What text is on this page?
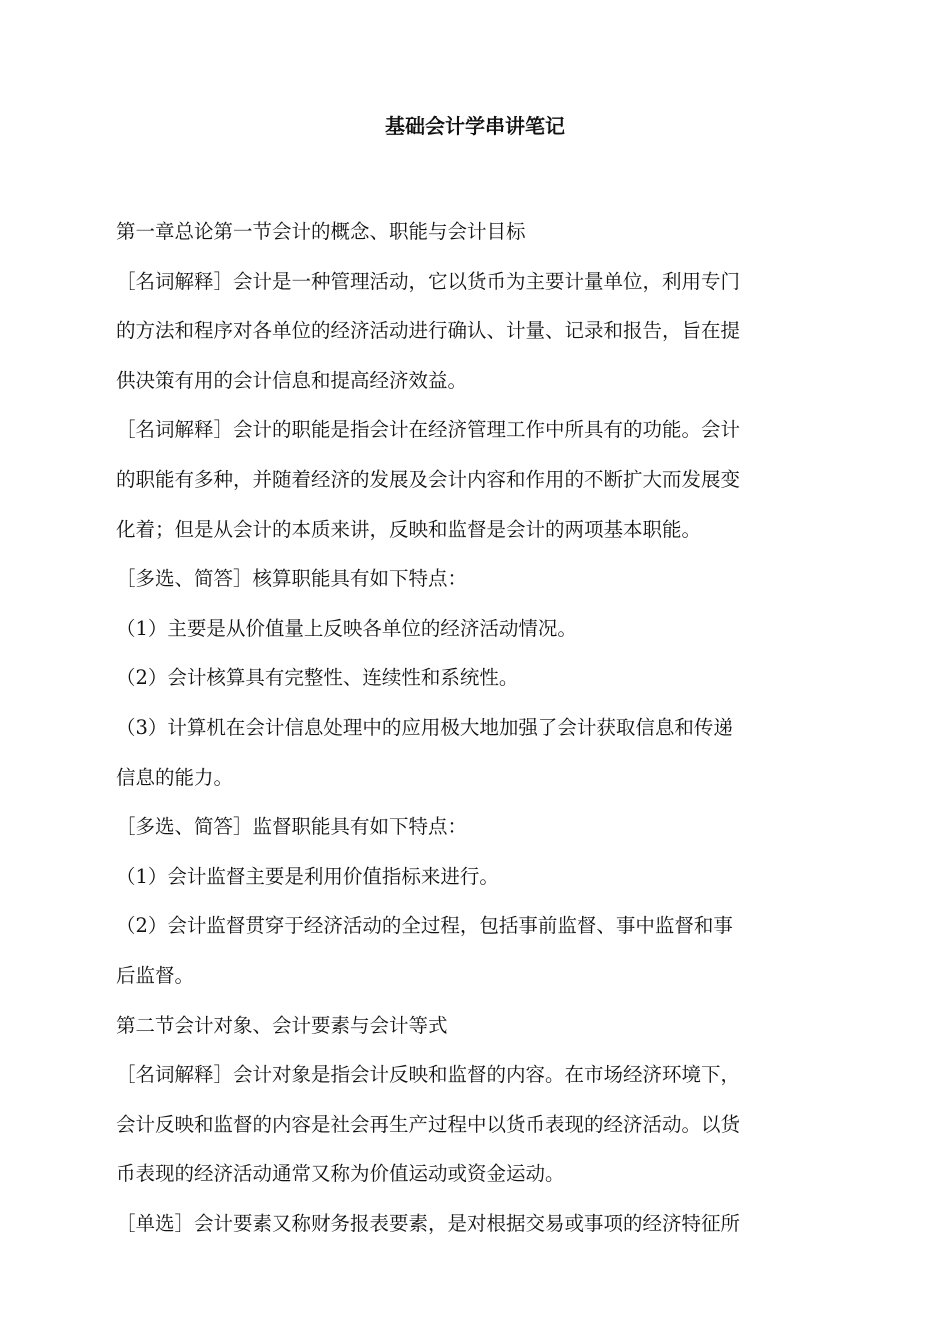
基础会计学串讲笔记

第一章总论第一节会计的概念、职能与会计目标

［名词解释］会计是一种管理活动，它以货币为主要计量单位，利用专门

的方法和程序对各单位的经济活动进行确认、计量、记录和报告，旨在提

供决策有用的会计信息和提高经济效益。

［名词解释］会计的职能是指会计在经济管理工作中所具有的功能。会计

的职能有多种，并随着经济的发展及会计内容和作用的不断扩大而发展变

化着；但是从会计的本质来讲，反映和监督是会计的两项基本职能。

［多选、简答］核算职能具有如下特点：

（1）主要是从价值量上反映各单位的经济活动情况。

（2）会计核算具有完整性、连续性和系统性。

（3）计算机在会计信息处理中的应用极大地加强了会计获取信息和传递

信息的能力。

［多选、简答］监督职能具有如下特点：

（1）会计监督主要是利用价值指标来进行。

（2）会计监督贯穿于经济活动的全过程，包括事前监督、事中监督和事

后监督。

第二节会计对象、会计要素与会计等式

［名词解释］会计对象是指会计反映和监督的内容。在市场经济环境下，

会计反映和监督的内容是社会再生产过程中以货币表现的经济活动。以货

币表现的经济活动通常又称为价值运动或资金运动。

［单选］会计要素又称财务报表要素，是对根据交易或事项的经济特征所
